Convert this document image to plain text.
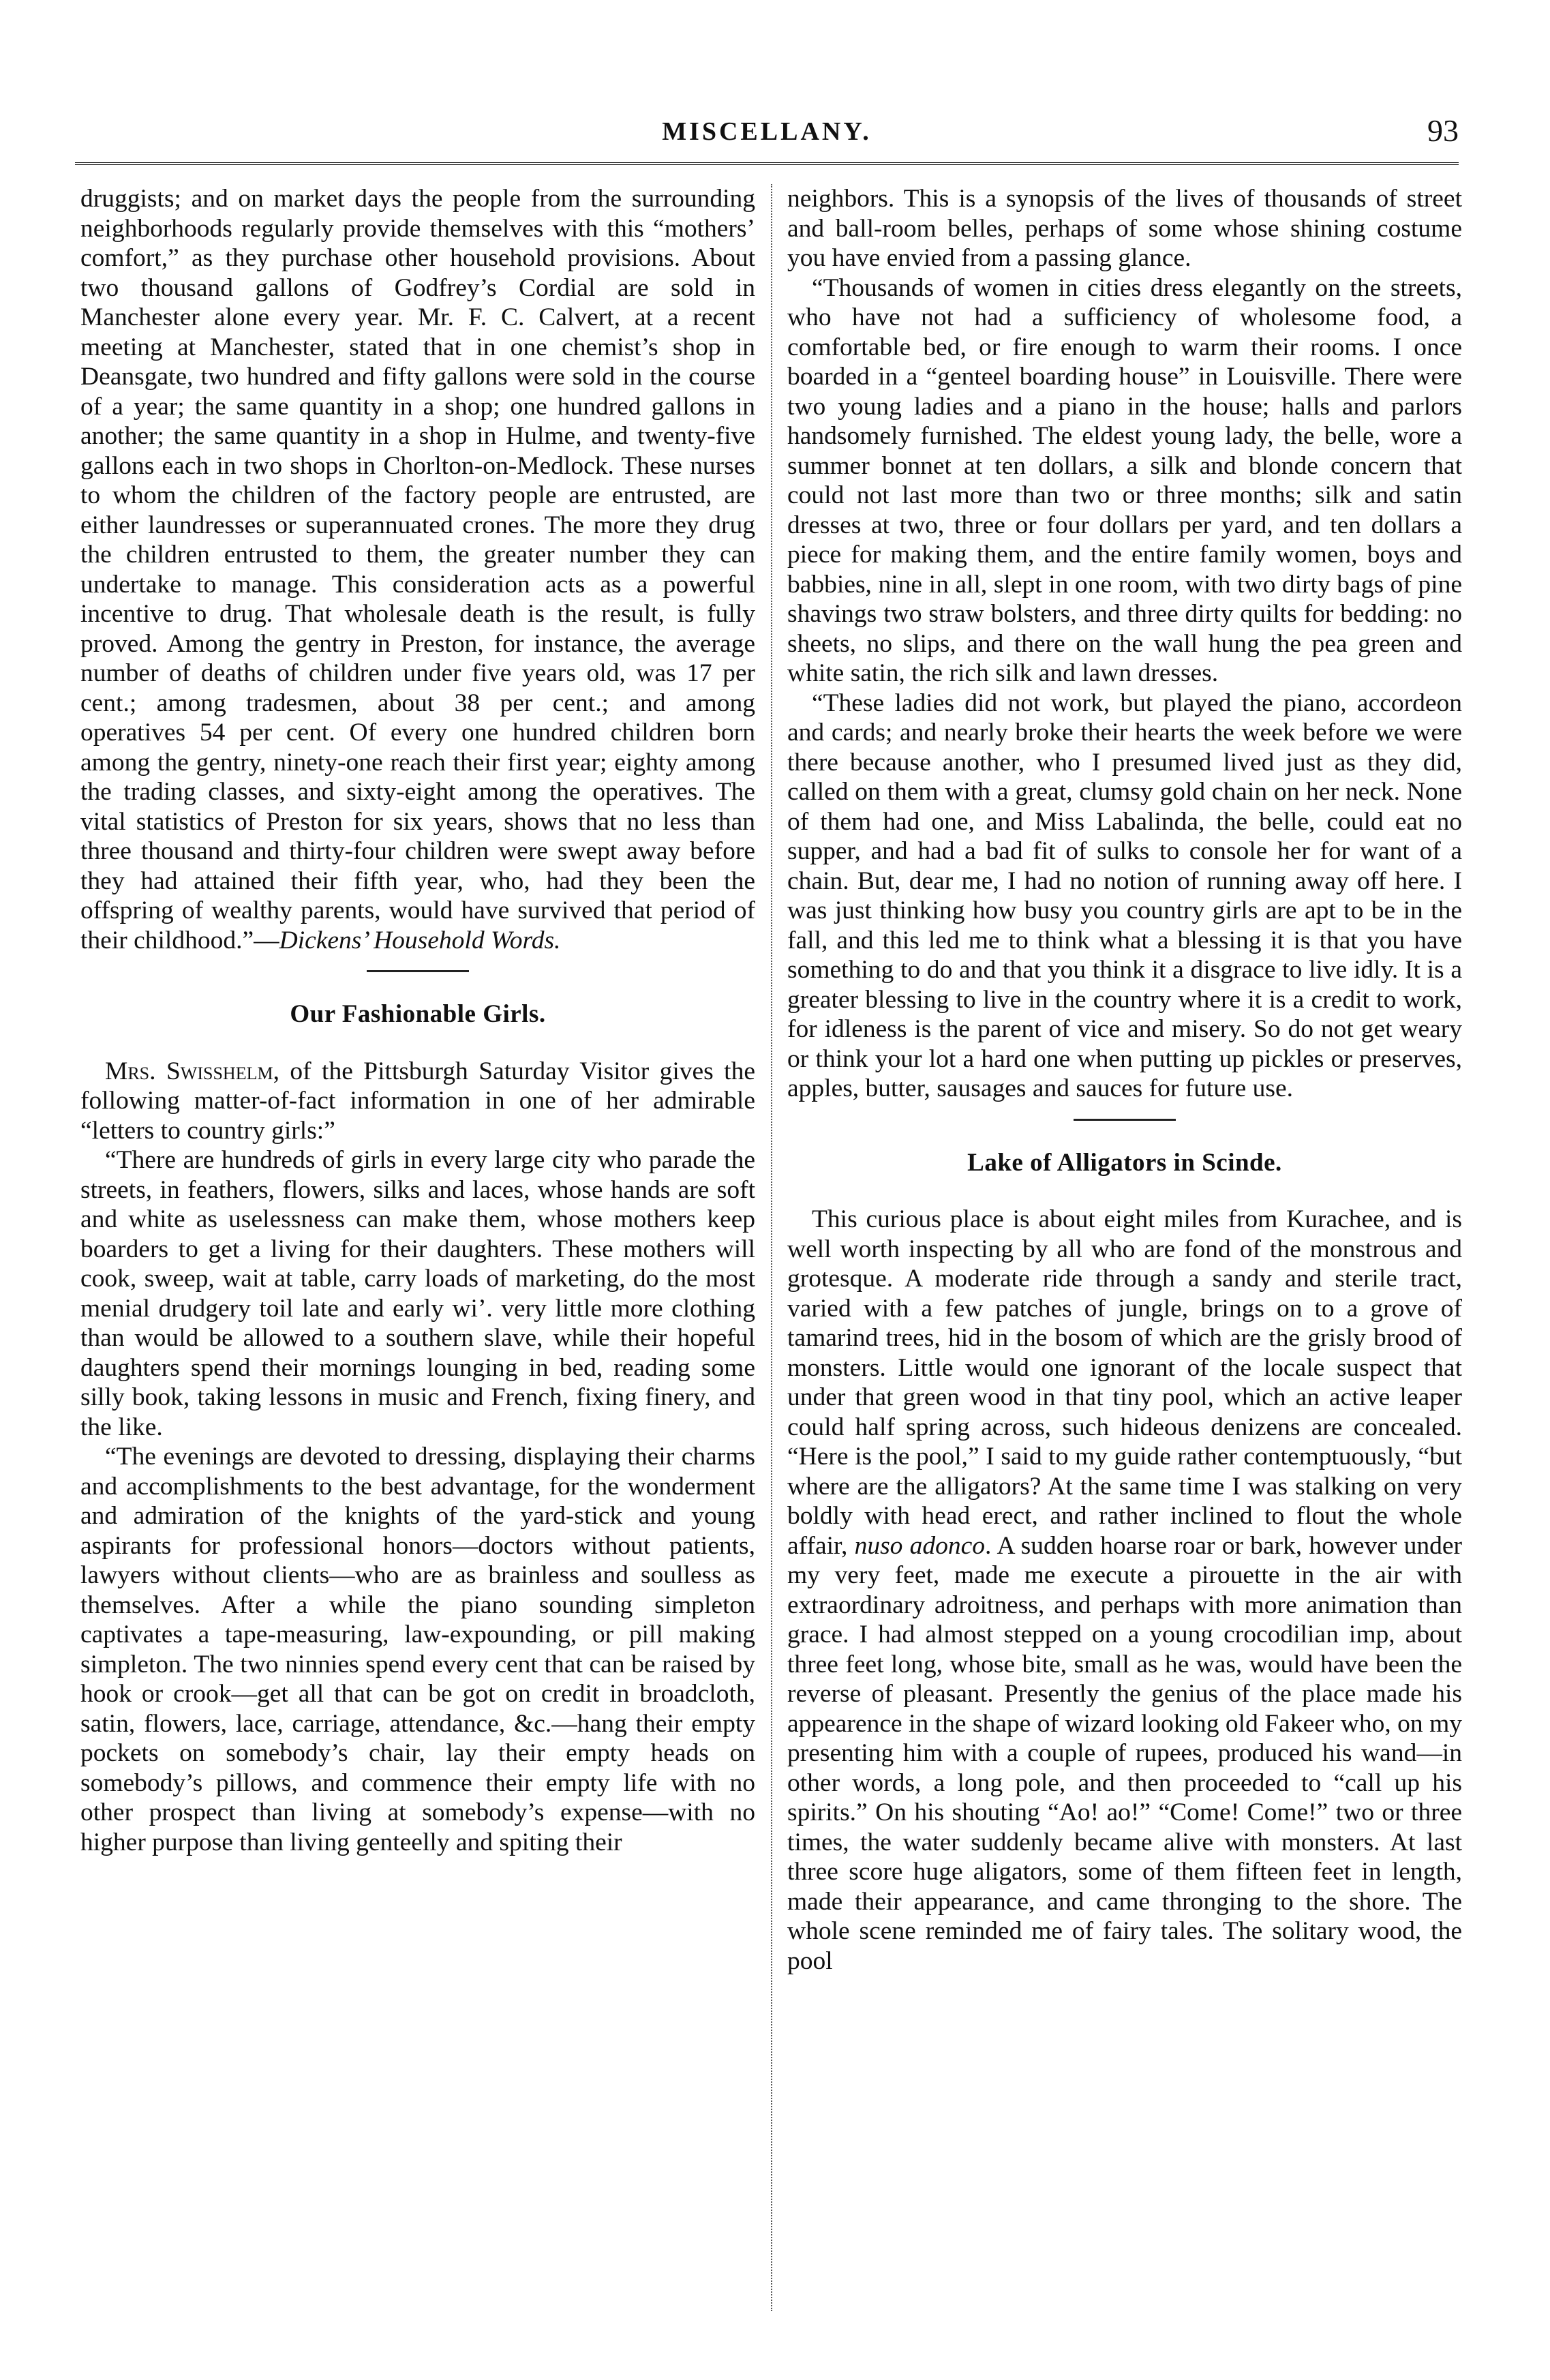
MISCELLANY.	93

druggists; and on market days the people from the surrounding neighborhoods regularly provide themselves with this “mothers’ comfort,” as they purchase other household provisions. About two thousand gallons of Godfrey’s Cordial are sold in Manchester alone every year. Mr. F. C. Calvert, at a recent meeting at Manchester, stated that in one chemist’s shop in Deansgate, two hundred and fifty gallons were sold in the course of a year; the same quantity in a shop; one hundred gallons in another; the same quantity in a shop in Hulme, and twenty-five gallons each in two shops in Chorlton-on-Medlock. These nurses to whom the children of the factory people are entrusted, are either laundresses or superannuated crones. The more they drug the children entrusted to them, the greater number they can undertake to manage. This consideration acts as a powerful incentive to drug. That wholesale death is the result, is fully proved. Among the gentry in Preston, for instance, the average number of deaths of children under five years old, was 17 per cent.; among tradesmen, about 38 per cent.; and among operatives 54 per cent. Of every one hundred children born among the gentry, ninety-one reach their first year; eighty among the trading classes, and sixty-eight among the operatives. The vital statistics of Preston for six years, shows that no less than three thousand and thirty-four children were swept away before they had attained their fifth year, who, had they been the offspring of wealthy parents, would have survived that period of their childhood.”—Dickens’ Household Words.

Our Fashionable Girls.

Mrs. Swisshelm, of the Pittsburgh Saturday Visitor gives the following matter-of-fact information in one of her admirable “letters to country girls:”

“There are hundreds of girls in every large city who parade the streets, in feathers, flowers, silks and laces, whose hands are soft and white as uselessness can make them, whose mothers keep boarders to get a living for their daughters. These mothers will cook, sweep, wait at table, carry loads of marketing, do the most menial drudgery toil late and early wi’. very little more clothing than would be allowed to a southern slave, while their hopeful daughters spend their mornings lounging in bed, reading some silly book, taking lessons in music and French, fixing finery, and the like.

“The evenings are devoted to dressing, displaying their charms and accomplishments to the best advantage, for the wonderment and admiration of the knights of the yard-stick and young aspirants for professional honors—doctors without patients, lawyers without clients—who are as brainless and soulless as themselves. After a while the piano sounding simpleton captivates a tape-measuring, law-expounding, or pill making simpleton. The two ninnies spend every cent that can be raised by hook or crook—get all that can be got on credit in broadcloth, satin, flowers, lace, carriage, attendance, &c.—hang their empty pockets on somebody’s chair, lay their empty heads on somebody’s pillows, and commence their empty life with no other prospect than living at somebody’s expense—with no higher purpose than living genteelly and spiting their

neighbors. This is a synopsis of the lives of thousands of street and ball-room belles, perhaps of some whose shining costume you have envied from a passing glance.

“Thousands of women in cities dress elegantly on the streets, who have not had a sufficiency of wholesome food, a comfortable bed, or fire enough to warm their rooms. I once boarded in a “genteel boarding house” in Louisville. There were two young ladies and a piano in the house; halls and parlors handsomely furnished. The eldest young lady, the belle, wore a summer bonnet at ten dollars, a silk and blonde concern that could not last more than two or three months; silk and satin dresses at two, three or four dollars per yard, and ten dollars a piece for making them, and the entire family women, boys and babbies, nine in all, slept in one room, with two dirty bags of pine shavings two straw bolsters, and three dirty quilts for bedding: no sheets, no slips, and there on the wall hung the pea green and white satin, the rich silk and lawn dresses.

“These ladies did not work, but played the piano, accordeon and cards; and nearly broke their hearts the week before we were there because another, who I presumed lived just as they did, called on them with a great, clumsy gold chain on her neck. None of them had one, and Miss Labalinda, the belle, could eat no supper, and had a bad fit of sulks to console her for want of a chain. But, dear me, I had no notion of running away off here. I was just thinking how busy you country girls are apt to be in the fall, and this led me to think what a blessing it is that you have something to do and that you think it a disgrace to live idly. It is a greater blessing to live in the country where it is a credit to work, for idleness is the parent of vice and misery. So do not get weary or think your lot a hard one when putting up pickles or preserves, apples, butter, sausages and sauces for future use.

Lake of Alligators in Scinde.

This curious place is about eight miles from Kurachee, and is well worth inspecting by all who are fond of the monstrous and grotesque. A moderate ride through a sandy and sterile tract, varied with a few patches of jungle, brings on to a grove of tamarind trees, hid in the bosom of which are the grisly brood of monsters. Little would one ignorant of the locale suspect that under that green wood in that tiny pool, which an active leaper could half spring across, such hideous denizens are concealed. “Here is the pool,” I said to my guide rather contemptuously, “but where are the alligators? At the same time I was stalking on very boldly with head erect, and rather inclined to flout the whole affair, nuso adonco. A sudden hoarse roar or bark, however under my very feet, made me execute a pirouette in the air with extraordinary adroitness, and perhaps with more animation than grace. I had almost stepped on a young crocodilian imp, about three feet long, whose bite, small as he was, would have been the reverse of pleasant. Presently the genius of the place made his appearence in the shape of wizard looking old Fakeer who, on my presenting him with a couple of rupees, produced his wand—in other words, a long pole, and then proceeded to “call up his spirits.” On his shouting “Ao! ao!” “Come! Come!” two or three times, the water suddenly became alive with monsters. At last three score huge aligators, some of them fifteen feet in length, made their appearance, and came thronging to the shore. The whole scene reminded me of fairy tales. The solitary wood, the pool
